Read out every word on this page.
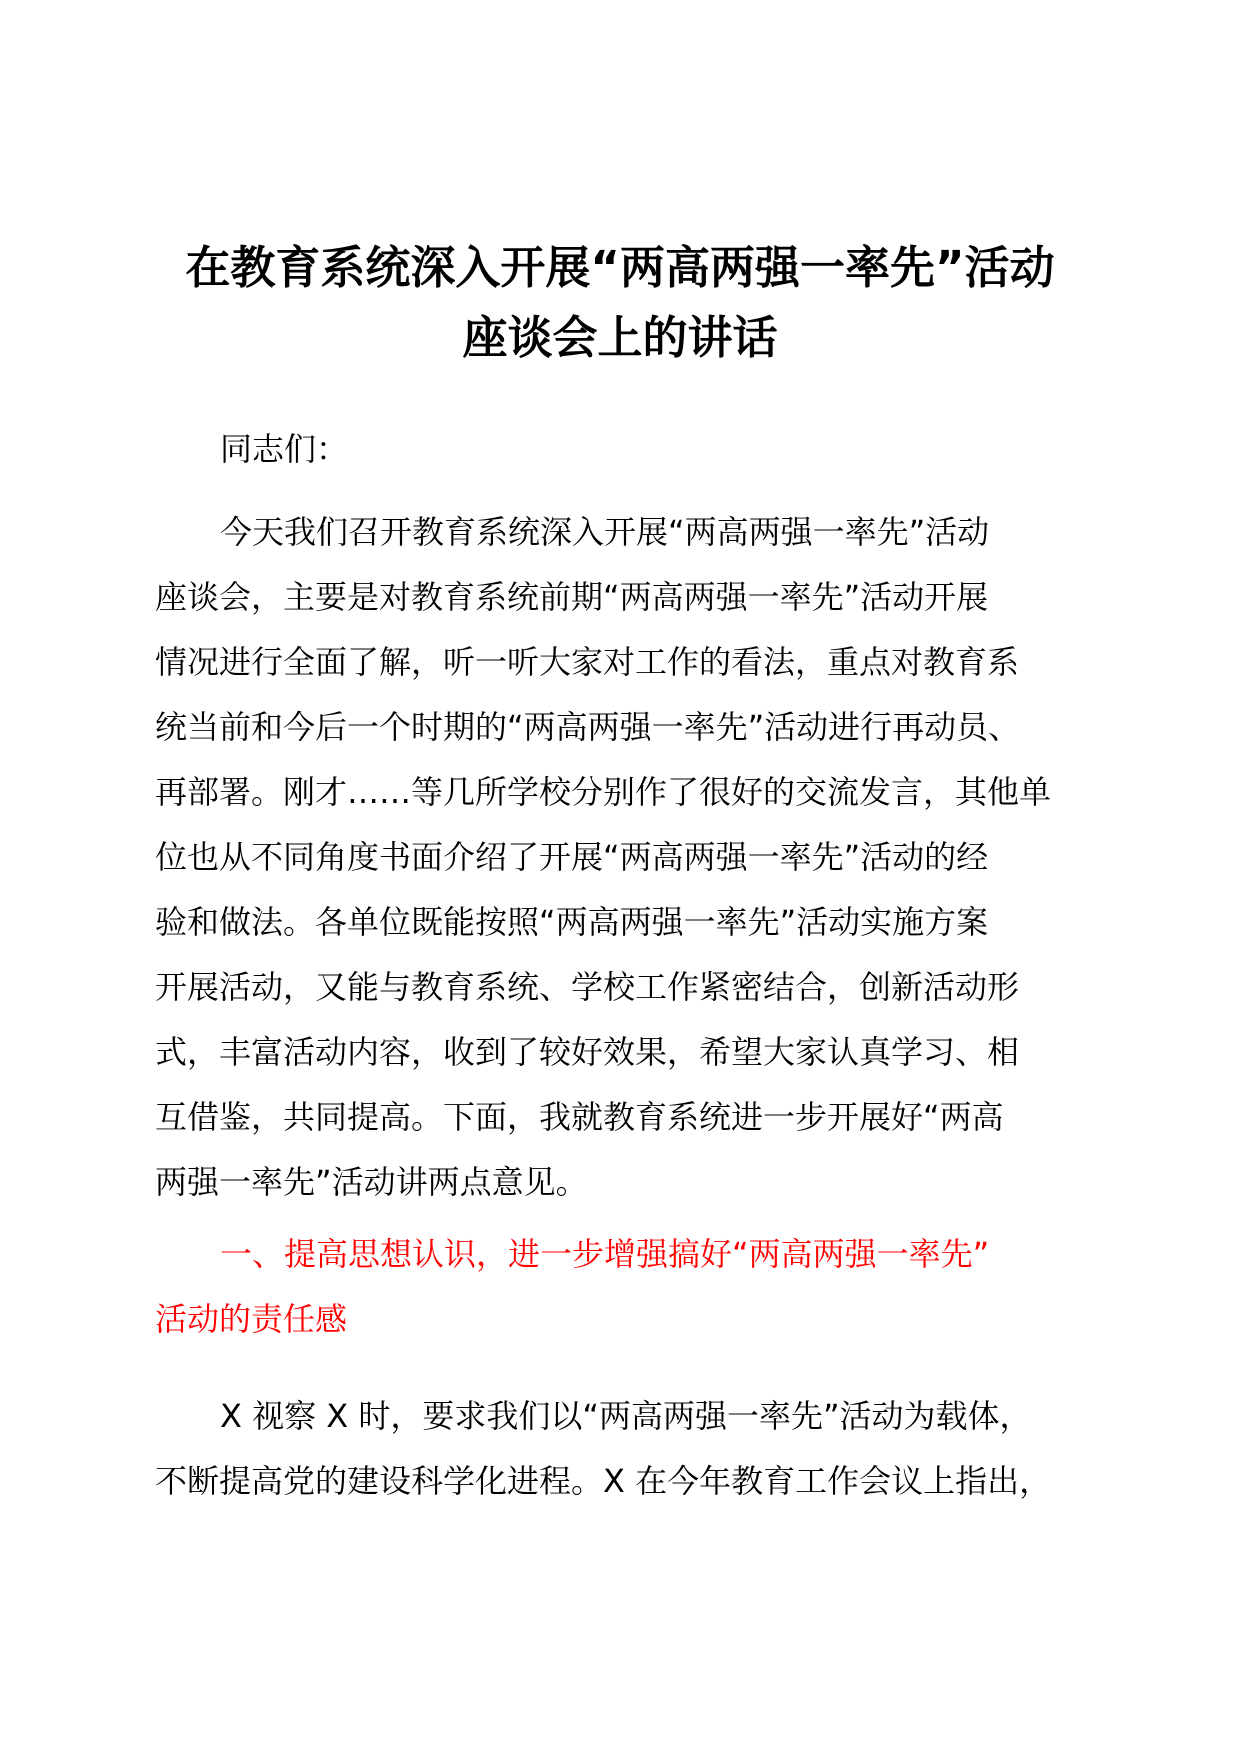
在教育系统深入开展“两高两强一率先”活动
座谈会上的讲话

同志们：

今天我们召开教育系统深入开展“两高两强一率先”活动
座谈会，主要是对教育系统前期“两高两强一率先”活动开展
情况进行全面了解，听一听大家对工作的看法，重点对教育系
统当前和今后一个时期的“两高两强一率先”活动进行再动员、
再部署。刚才……等几所学校分别作了很好的交流发言，其他单
位也从不同角度书面介绍了开展“两高两强一率先”活动的经
验和做法。各单位既能按照“两高两强一率先”活动实施方案
开展活动，又能与教育系统、学校工作紧密结合，创新活动形
式，丰富活动内容，收到了较好效果，希望大家认真学习、相
互借鉴，共同提高。下面，我就教育系统进一步开展好“两高
两强一率先”活动讲两点意见。
一、提高思想认识，进一步增强搞好“两高两强一率先”
活动的责任感
X 视察 X 时，要求我们以“两高两强一率先”活动为载体，
不断提高党的建设科学化进程。X 在今年教育工作会议上指出，
